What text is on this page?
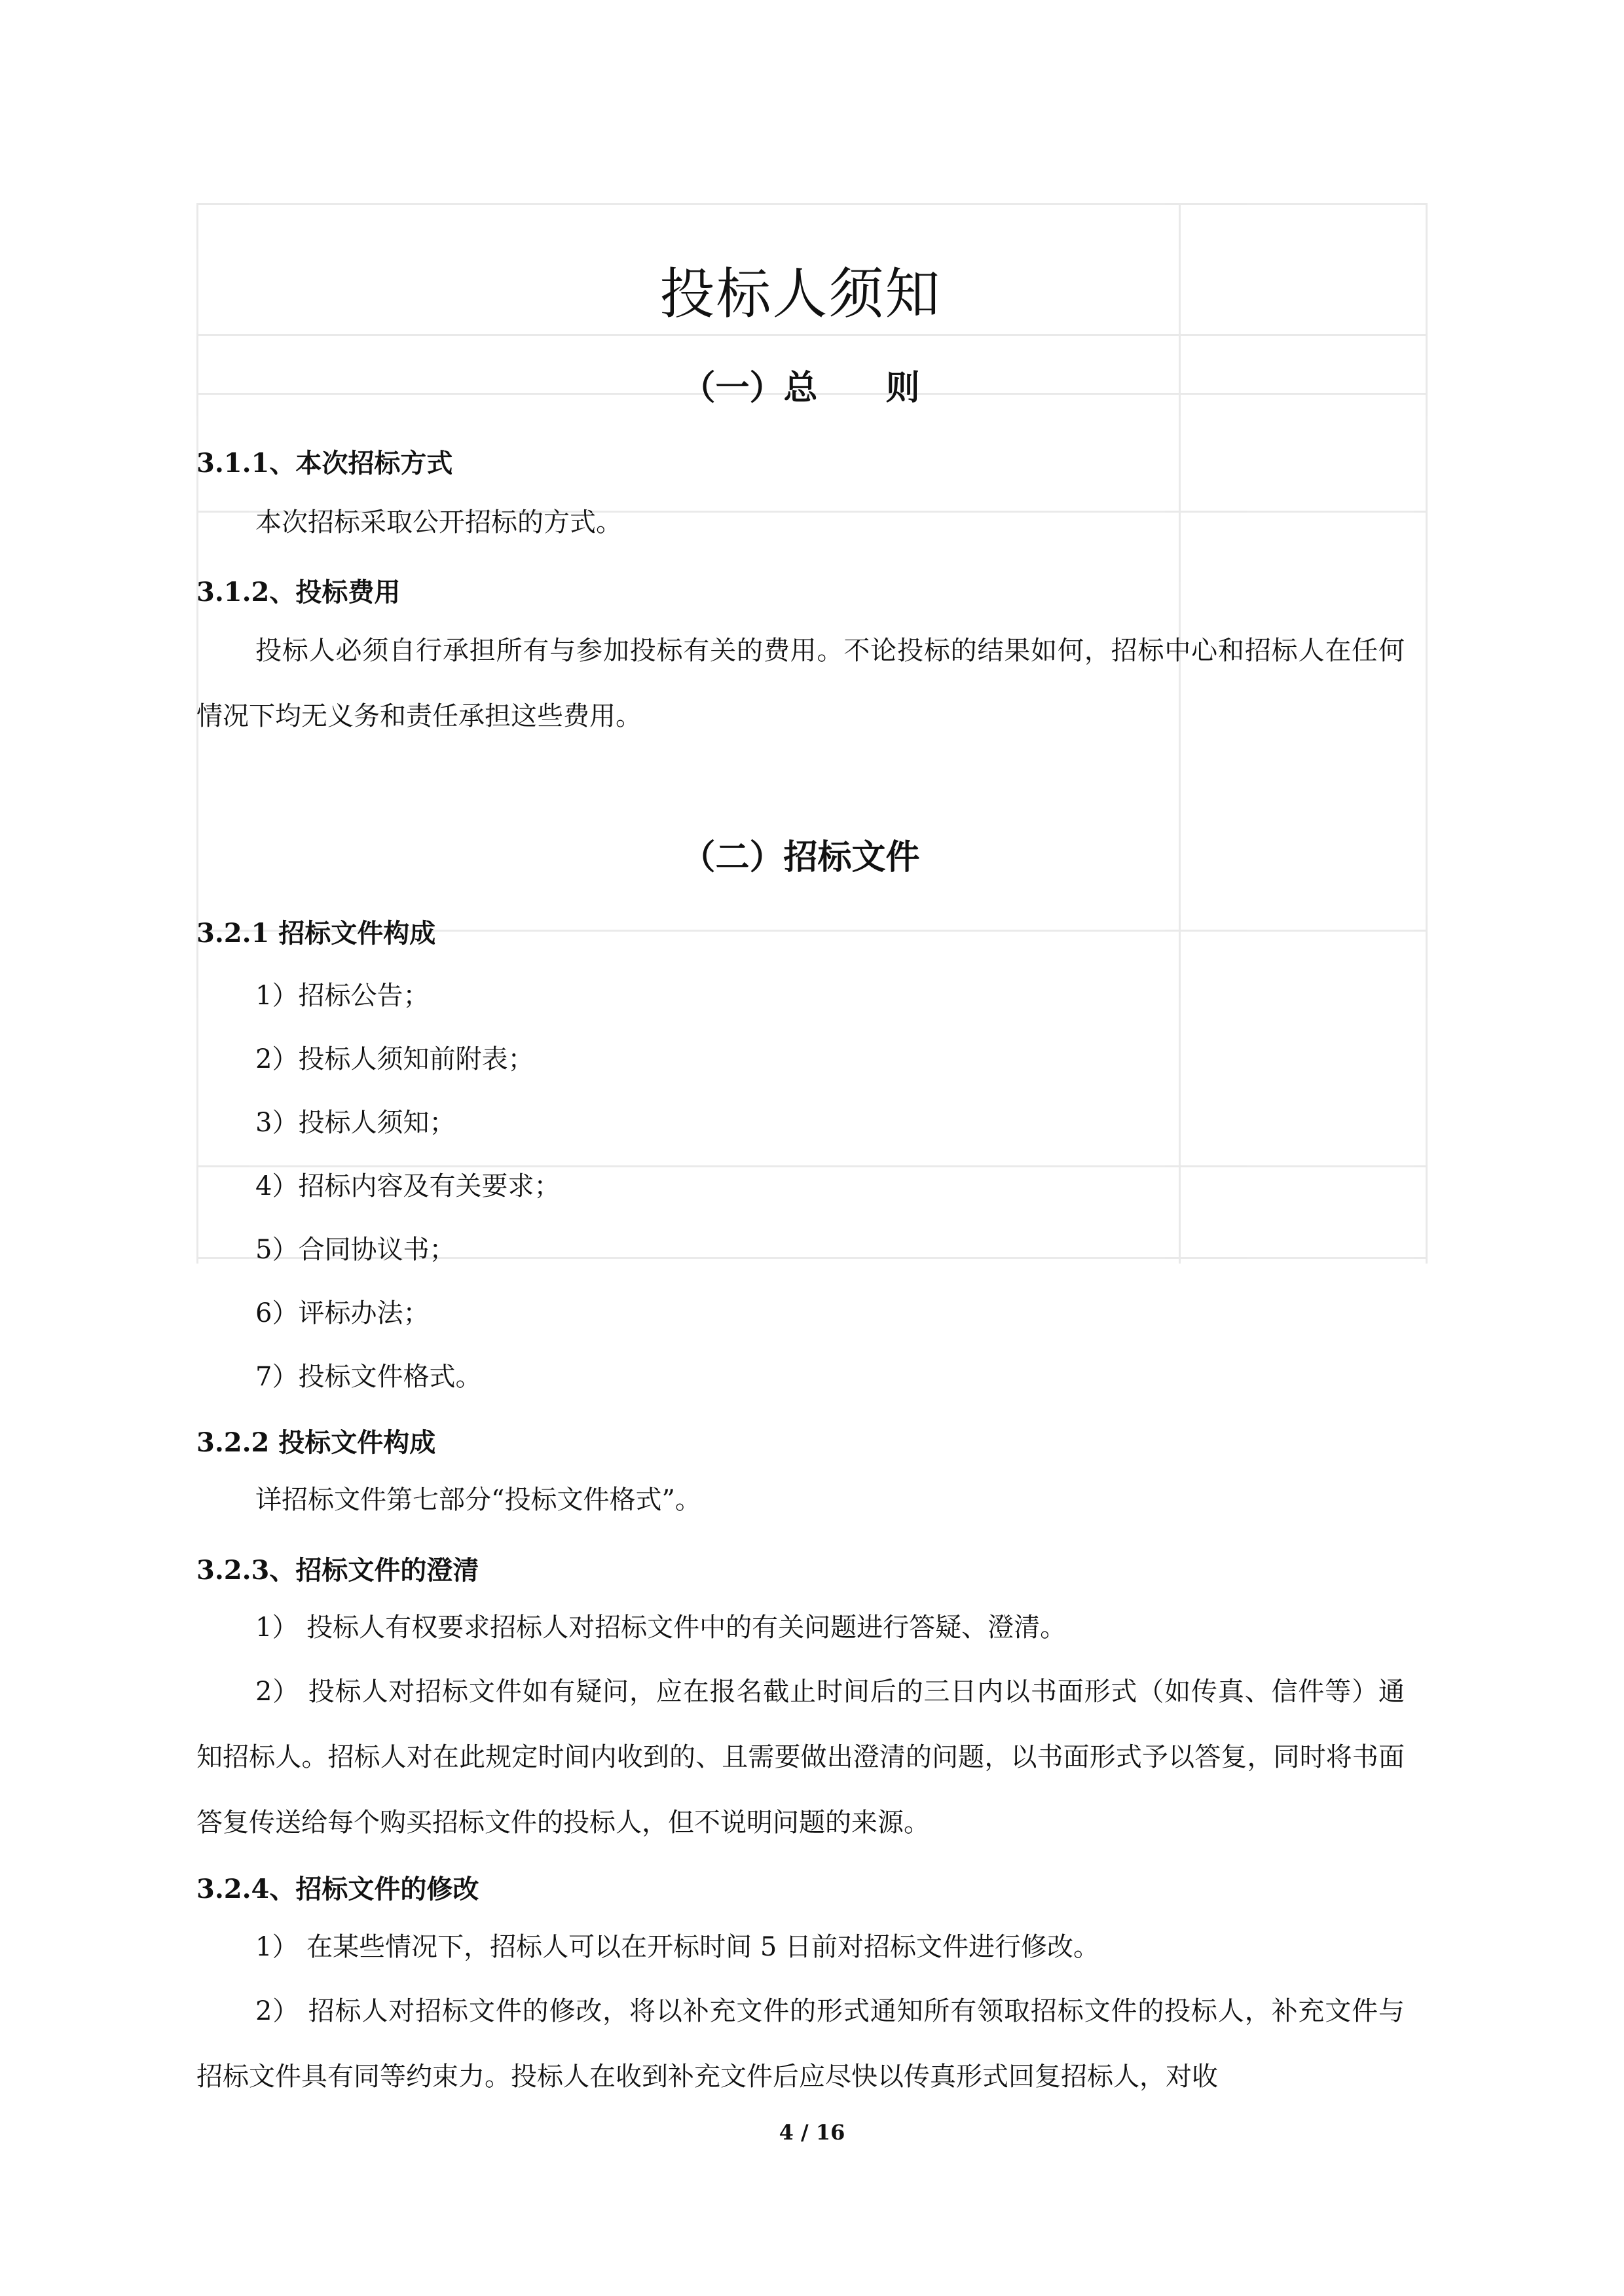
投标人须知
（一）总　　则
3.1.1、本次招标方式
本次招标采取公开招标的方式。
3.1.2、投标费用
投标人必须自行承担所有与参加投标有关的费用。不论投标的结果如何，招标中心和招标人在任何情况下均无义务和责任承担这些费用。
（二）招标文件
3.2.1 招标文件构成
1）招标公告；
2）投标人须知前附表；
3）投标人须知；
4）招标内容及有关要求；
5）合同协议书；
6）评标办法；
7）投标文件格式。
3.2.2 投标文件构成
详招标文件第七部分“投标文件格式”。
3.2.3、招标文件的澄清
1） 投标人有权要求招标人对招标文件中的有关问题进行答疑、澄清。
2） 投标人对招标文件如有疑问，应在报名截止时间后的三日内以书面形式（如传真、信件等）通知招标人。招标人对在此规定时间内收到的、且需要做出澄清的问题，以书面形式予以答复，同时将书面答复传送给每个购买招标文件的投标人，但不说明问题的来源。
3.2.4、招标文件的修改
1） 在某些情况下，招标人可以在开标时间 5 日前对招标文件进行修改。
2） 招标人对招标文件的修改，将以补充文件的形式通知所有领取招标文件的投标人，补充文件与招标文件具有同等约束力。投标人在收到补充文件后应尽快以传真形式回复招标人，对收
4 / 16
